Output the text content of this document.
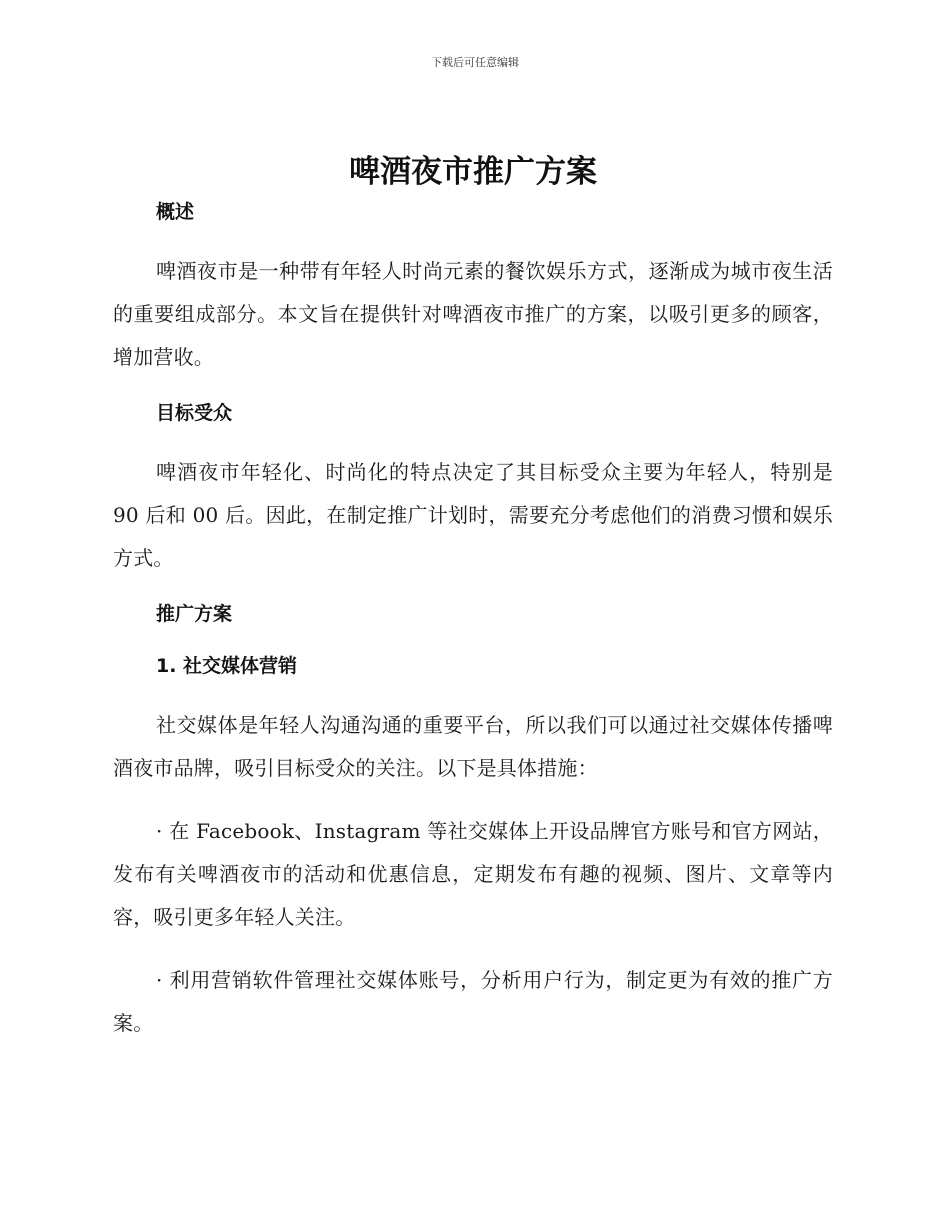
下载后可任意编辑
啤酒夜市推广方案
概述

啤酒夜市是一种带有年轻人时尚元素的餐饮娱乐方式，逐渐成为城市夜生活的重要组成部分。本文旨在提供针对啤酒夜市推广的方案，以吸引更多的顾客，增加营收。

目标受众

啤酒夜市年轻化、时尚化的特点决定了其目标受众主要为年轻人，特别是 90 后和 00 后。因此，在制定推广计划时，需要充分考虑他们的消费习惯和娱乐方式。

推广方案
1. 社交媒体营销

社交媒体是年轻人沟通沟通的重要平台，所以我们可以通过社交媒体传播啤酒夜市品牌，吸引目标受众的关注。以下是具体措施：

· 在 Facebook、Instagram 等社交媒体上开设品牌官方账号和官方网站，发布有关啤酒夜市的活动和优惠信息，定期发布有趣的视频、图片、文章等内容，吸引更多年轻人关注。

· 利用营销软件管理社交媒体账号，分析用户行为，制定更为有效的推广方案。
